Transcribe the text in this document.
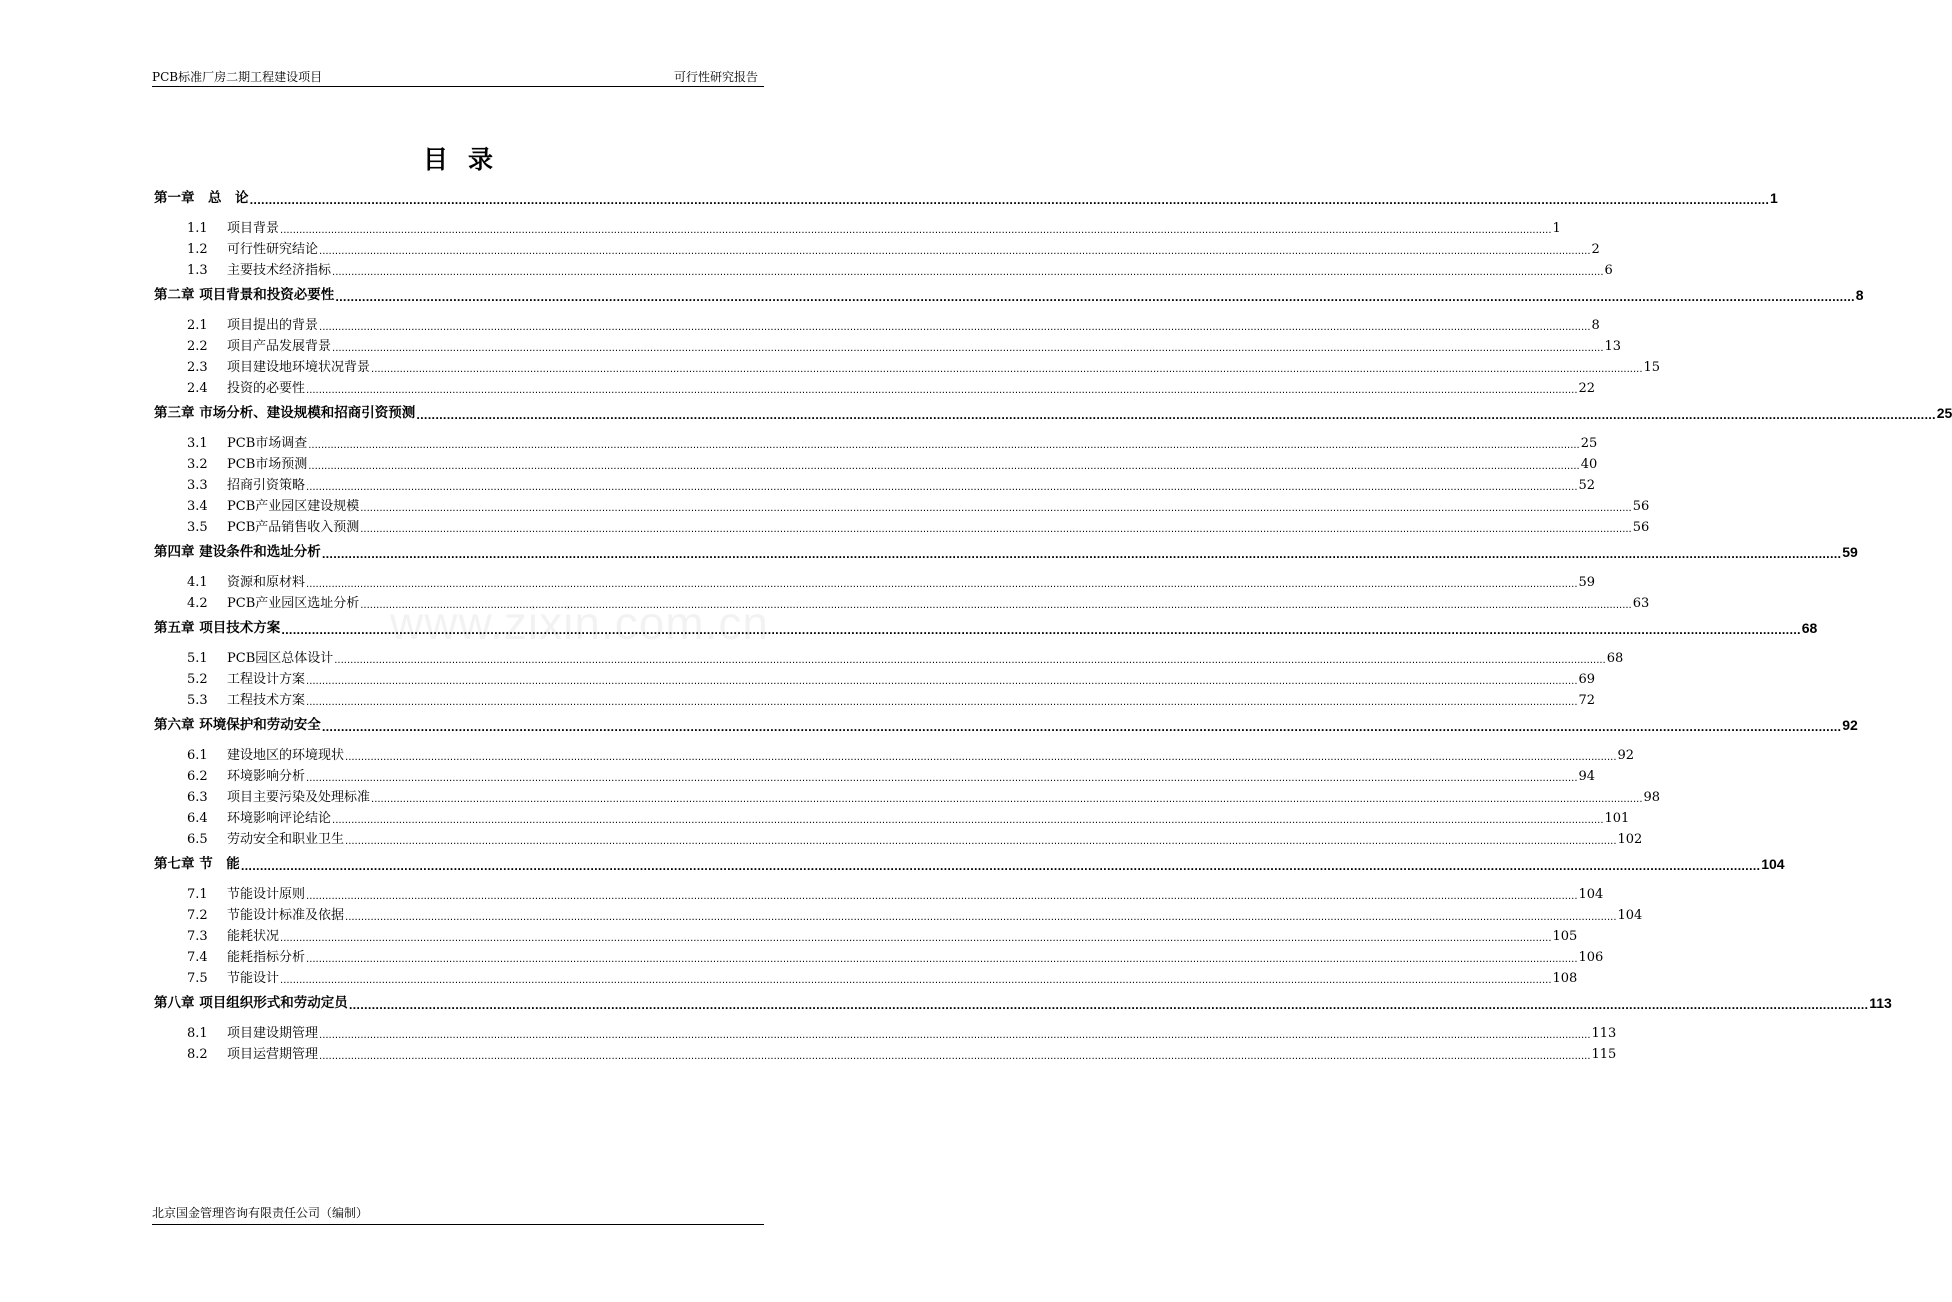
PCB标准厂房二期工程建设项目	可行性研究报告
目录
www.zixin.com.cn
第一章　总　论 ................................................................................................................................................................................................................................................................................................................................................................................................................ 1
1.1 项目背景 ................................................................................................................................................................................................................................................................................................................................................................................................................ 1
1.2 可行性研究结论 ................................................................................................................................................................................................................................................................................................................................................................................................................ 2
1.3 主要技术经济指标 ................................................................................................................................................................................................................................................................................................................................................................................................................ 6
第二章 项目背景和投资必要性 ................................................................................................................................................................................................................................................................................................................................................................................................................ 8
2.1 项目提出的背景 ................................................................................................................................................................................................................................................................................................................................................................................................................ 8
2.2 项目产品发展背景 ................................................................................................................................................................................................................................................................................................................................................................................................................ 13
2.3 项目建设地环境状况背景 ................................................................................................................................................................................................................................................................................................................................................................................................................ 15
2.4 投资的必要性 ................................................................................................................................................................................................................................................................................................................................................................................................................ 22
第三章 市场分析、建设规模和招商引资预测 ................................................................................................................................................................................................................................................................................................................................................................................................................ 25
3.1 PCB市场调查 ................................................................................................................................................................................................................................................................................................................................................................................................................ 25
3.2 PCB市场预测 ................................................................................................................................................................................................................................................................................................................................................................................................................ 40
3.3 招商引资策略 ................................................................................................................................................................................................................................................................................................................................................................................................................ 52
3.4 PCB产业园区建设规模 ................................................................................................................................................................................................................................................................................................................................................................................................................ 56
3.5 PCB产品销售收入预测 ................................................................................................................................................................................................................................................................................................................................................................................................................ 56
第四章 建设条件和选址分析 ................................................................................................................................................................................................................................................................................................................................................................................................................ 59
4.1 资源和原材料 ................................................................................................................................................................................................................................................................................................................................................................................................................ 59
4.2 PCB产业园区选址分析 ................................................................................................................................................................................................................................................................................................................................................................................................................ 63
第五章 项目技术方案 ................................................................................................................................................................................................................................................................................................................................................................................................................ 68
5.1 PCB园区总体设计 ................................................................................................................................................................................................................................................................................................................................................................................................................ 68
5.2 工程设计方案 ................................................................................................................................................................................................................................................................................................................................................................................................................ 69
5.3 工程技术方案 ................................................................................................................................................................................................................................................................................................................................................................................................................ 72
第六章 环境保护和劳动安全 ................................................................................................................................................................................................................................................................................................................................................................................................................ 92
6.1 建设地区的环境现状 ................................................................................................................................................................................................................................................................................................................................................................................................................ 92
6.2 环境影响分析 ................................................................................................................................................................................................................................................................................................................................................................................................................ 94
6.3 项目主要污染及处理标准 ................................................................................................................................................................................................................................................................................................................................................................................................................ 98
6.4 环境影响评论结论 ................................................................................................................................................................................................................................................................................................................................................................................................................ 101
6.5 劳动安全和职业卫生 ................................................................................................................................................................................................................................................................................................................................................................................................................ 102
第七章 节　能 ................................................................................................................................................................................................................................................................................................................................................................................................................ 104
7.1 节能设计原则 ................................................................................................................................................................................................................................................................................................................................................................................................................ 104
7.2 节能设计标准及依据 ................................................................................................................................................................................................................................................................................................................................................................................................................ 104
7.3 能耗状况 ................................................................................................................................................................................................................................................................................................................................................................................................................ 105
7.4 能耗指标分析 ................................................................................................................................................................................................................................................................................................................................................................................................................ 106
7.5 节能设计 ................................................................................................................................................................................................................................................................................................................................................................................................................ 108
第八章 项目组织形式和劳动定员 ................................................................................................................................................................................................................................................................................................................................................................................................................ 113
8.1 项目建设期管理 ................................................................................................................................................................................................................................................................................................................................................................................................................ 113
8.2 项目运营期管理 ................................................................................................................................................................................................................................................................................................................................................................................................................ 115
北京国金管理咨询有限责任公司（编制）
